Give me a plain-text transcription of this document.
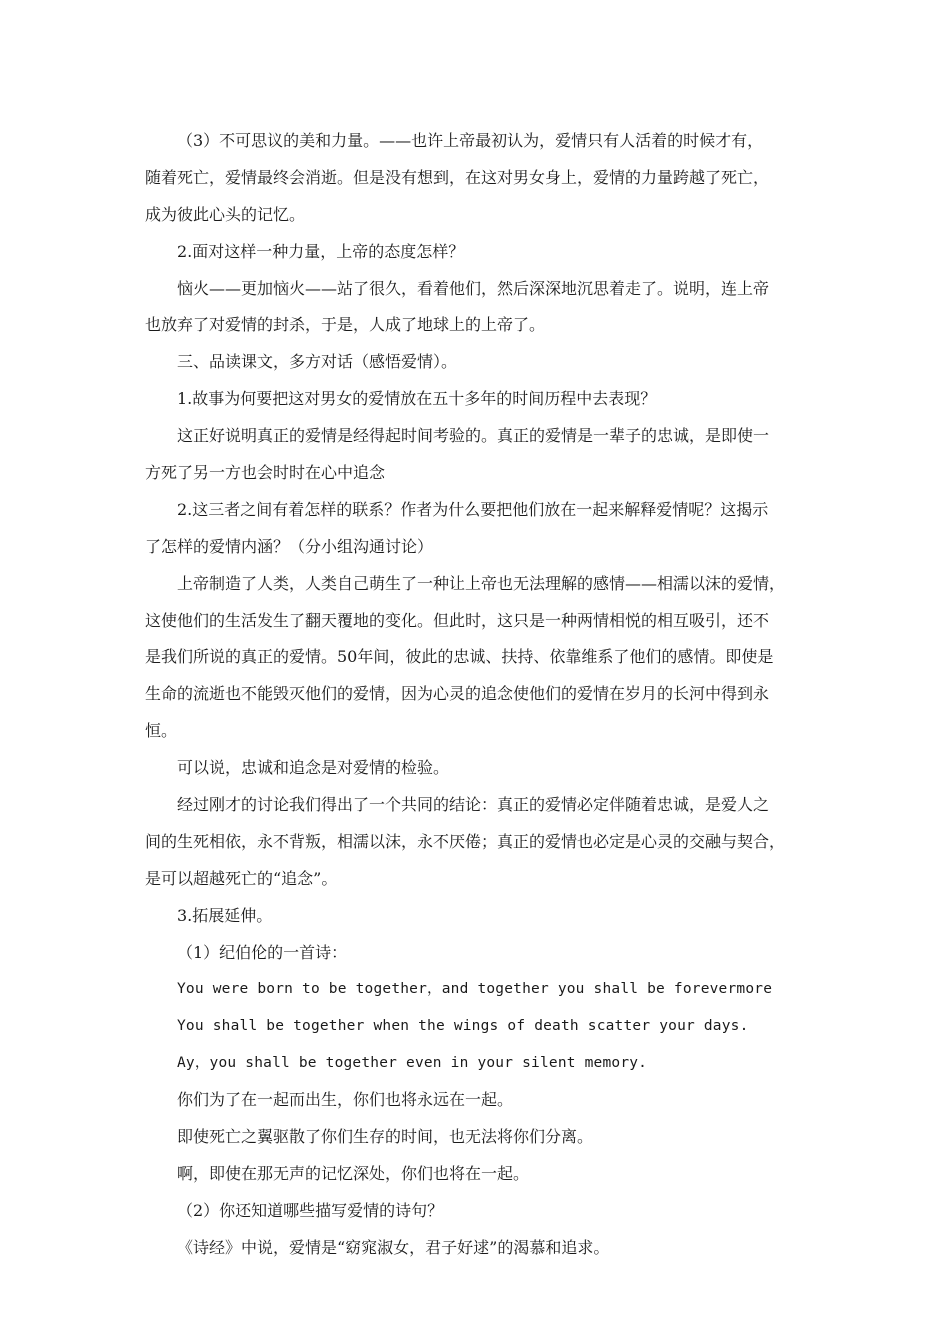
（3）不可思议的美和力量。——也许上帝最初认为，爱情只有人活着的时候才有，
随着死亡，爱情最终会消逝。但是没有想到，在这对男女身上，爱情的力量跨越了死亡，
成为彼此心头的记忆。
2.面对这样一种力量，上帝的态度怎样？
恼火——更加恼火——站了很久，看着他们，然后深深地沉思着走了。说明，连上帝
也放弃了对爱情的封杀，于是，人成了地球上的上帝了。
三、品读课文，多方对话（感悟爱情）。
1.故事为何要把这对男女的爱情放在五十多年的时间历程中去表现？
这正好说明真正的爱情是经得起时间考验的。真正的爱情是一辈子的忠诚，是即使一
方死了另一方也会时时在心中追念
2.这三者之间有着怎样的联系？作者为什么要把他们放在一起来解释爱情呢？这揭示
了怎样的爱情内涵？（分小组沟通讨论）
上帝制造了人类，人类自己萌生了一种让上帝也无法理解的感情——相濡以沫的爱情，
这使他们的生活发生了翻天覆地的变化。但此时，这只是一种两情相悦的相互吸引，还不
是我们所说的真正的爱情。50年间，彼此的忠诚、扶持、依靠维系了他们的感情。即使是
生命的流逝也不能毁灭他们的爱情，因为心灵的追念使他们的爱情在岁月的长河中得到永
恒。
可以说，忠诚和追念是对爱情的检验。
经过刚才的讨论我们得出了一个共同的结论：真正的爱情必定伴随着忠诚，是爱人之
间的生死相依，永不背叛，相濡以沫，永不厌倦；真正的爱情也必定是心灵的交融与契合，
是可以超越死亡的“追念”。
3.拓展延伸。
（1）纪伯伦的一首诗：
You were born to be together，and together you shall be forevermore
You shall be together when the wings of death scatter your days.
Ay，you shall be together even in your silent memory.
你们为了在一起而出生，你们也将永远在一起。
即使死亡之翼驱散了你们生存的时间，也无法将你们分离。
啊，即使在那无声的记忆深处，你们也将在一起。
（2）你还知道哪些描写爱情的诗句？
《诗经》中说，爱情是“窈窕淑女，君子好逑”的渴慕和追求。
